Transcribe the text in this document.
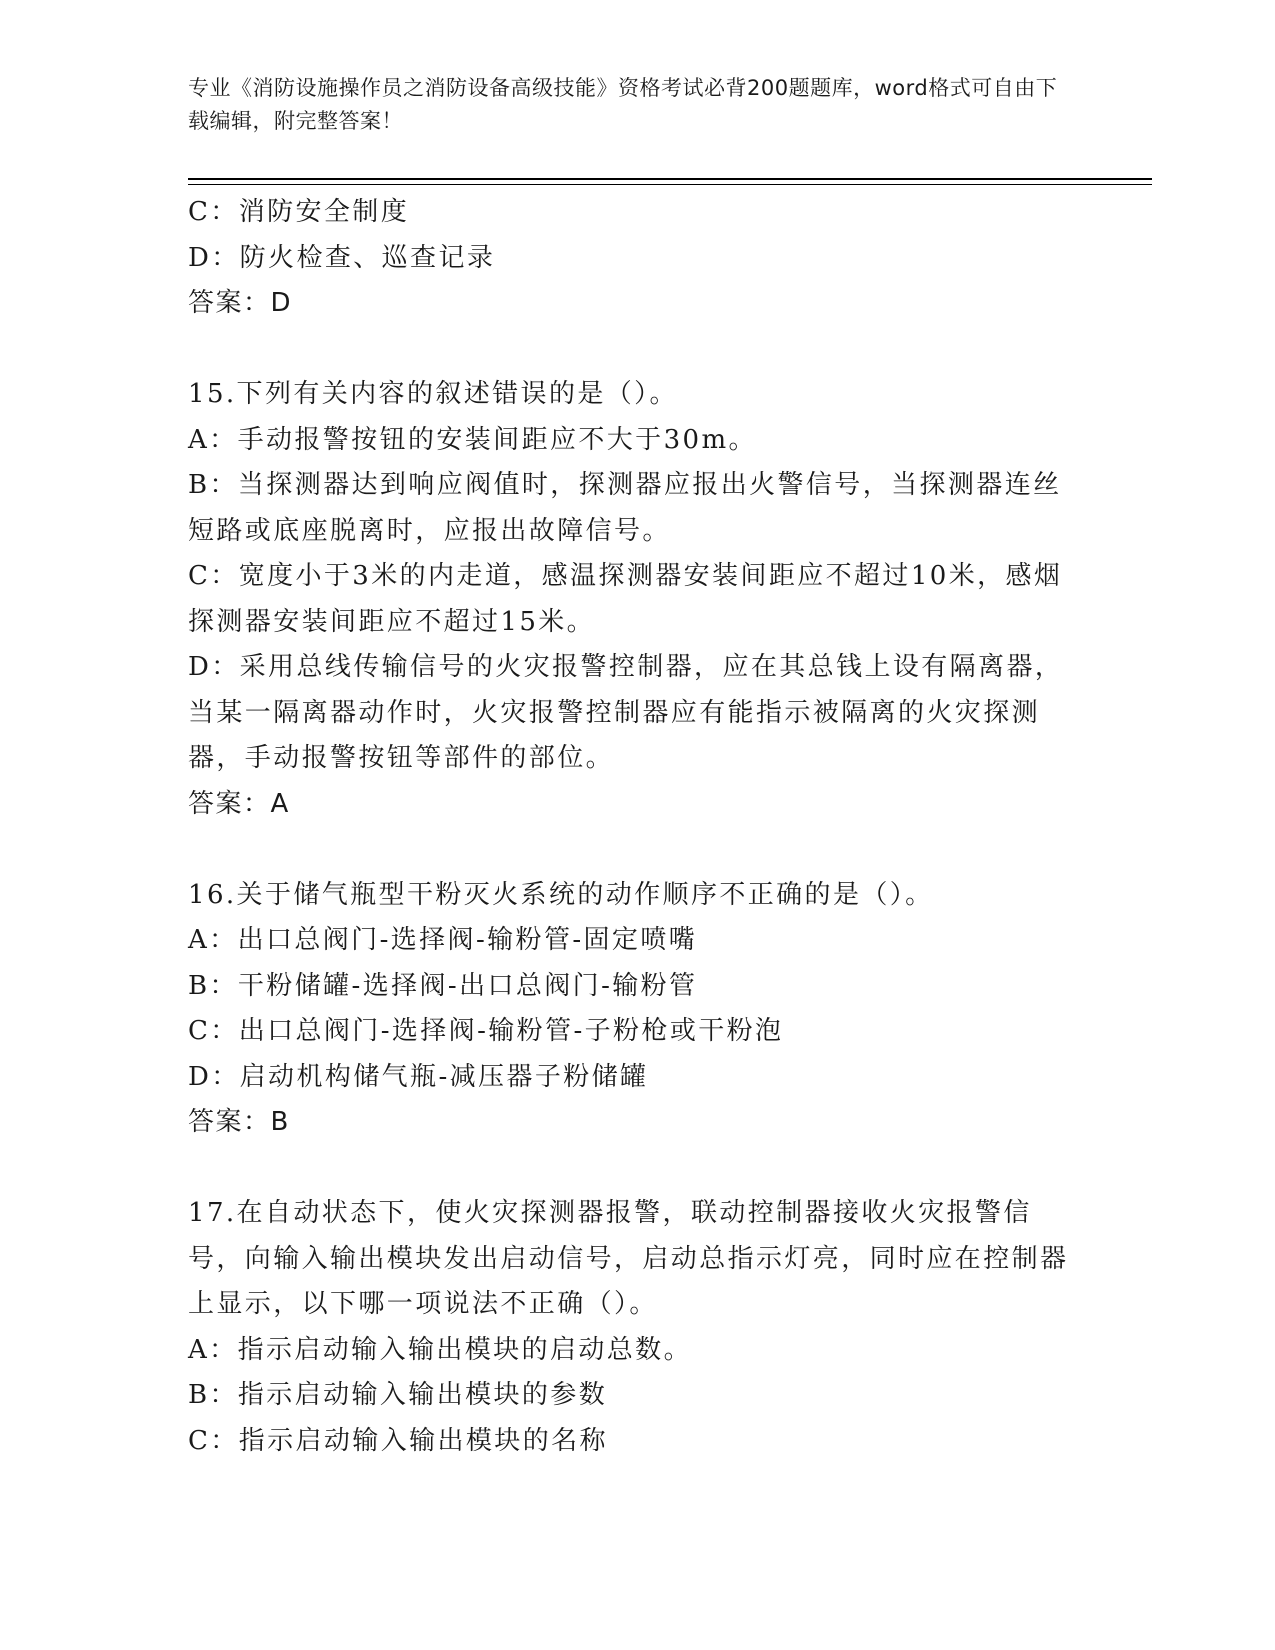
专业《消防设施操作员之消防设备高级技能》资格考试必背200题题库，word格式可自由下载编辑，附完整答案！

C：消防安全制度

D：防火检查、巡查记录

答案：D

15.下列有关内容的叙述错误的是（）。

A：手动报警按钮的安装间距应不大于30m。

B：当探测器达到响应阀值时，探测器应报出火警信号，当探测器连丝短路或底座脱离时，应报出故障信号。

C：宽度小于3米的内走道，感温探测器安装间距应不超过10米，感烟探测器安装间距应不超过15米。

D：采用总线传输信号的火灾报警控制器，应在其总钱上设有隔离器，当某一隔离器动作时，火灾报警控制器应有能指示被隔离的火灾探测器，手动报警按钮等部件的部位。

答案：A

16.关于储气瓶型干粉灭火系统的动作顺序不正确的是（）。

A：出口总阀门-选择阀-输粉管-固定喷嘴

B：干粉储罐-选择阀-出口总阀门-输粉管

C：出口总阀门-选择阀-输粉管-子粉枪或干粉泡

D：启动机构储气瓶-减压器子粉储罐

答案：B

17.在自动状态下，使火灾探测器报警，联动控制器接收火灾报警信号，向输入输出模块发出启动信号，启动总指示灯亮，同时应在控制器上显示，以下哪一项说法不正确（）。

A：指示启动输入输出模块的启动总数。

B：指示启动输入输出模块的参数

C：指示启动输入输出模块的名称
